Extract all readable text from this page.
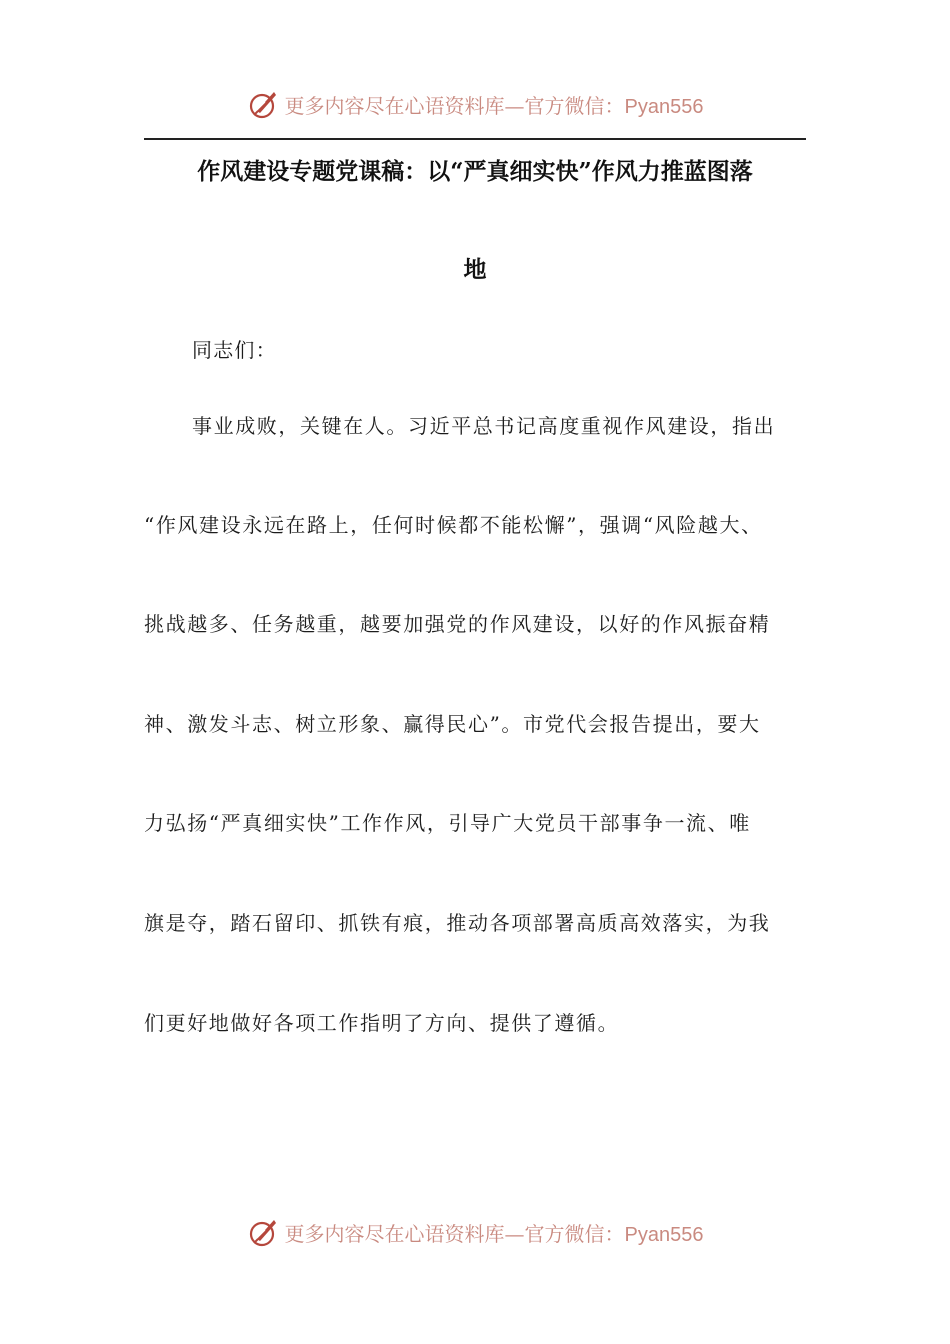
更多内容尽在心语资料库—官方微信：Pyan556
作风建设专题党课稿：以“严真细实快”作风力推蓝图落
地

同志们：

事业成败，关键在人。习近平总书记高度重视作风建设，指出

“作风建设永远在路上，任何时候都不能松懈”，强调“风险越大、

挑战越多、任务越重，越要加强党的作风建设，以好的作风振奋精

神、激发斗志、树立形象、赢得民心”。市党代会报告提出，要大

力弘扬“严真细实快”工作作风，引导广大党员干部事争一流、唯

旗是夺，踏石留印、抓铁有痕，推动各项部署高质高效落实，为我

们更好地做好各项工作指明了方向、提供了遵循。

更多内容尽在心语资料库—官方微信：Pyan556
